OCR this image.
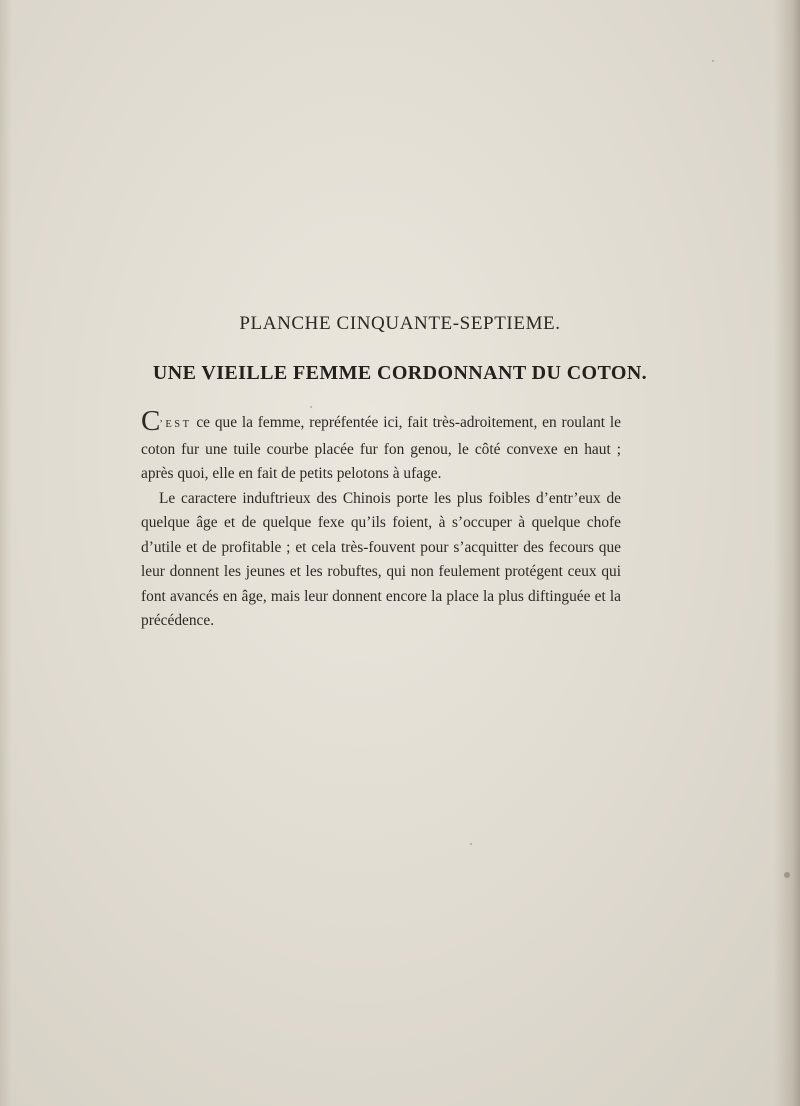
PLANCHE CINQUANTE-SEPTIEME.
UNE VIEILLE FEMME CORDONNANT DU COTON.

C’EST ce que la femme, repréfentée ici, fait très-adroitement, en roulant le coton fur une tuile courbe placée fur fon genou, le côté convexe en haut ; après quoi, elle en fait de petits pelotons à ufage.

Le caractere induftrieux des Chinois porte les plus foibles d’entr’eux de quelque âge et de quelque fexe qu’ils foient, à s’occuper à quelque chofe d’utile et de profitable ; et cela très-fouvent pour s’acquitter des fecours que leur donnent les jeunes et les robuftes, qui non feulement protégent ceux qui font avancés en âge, mais leur donnent encore la place la plus diftinguée et la précédence.
